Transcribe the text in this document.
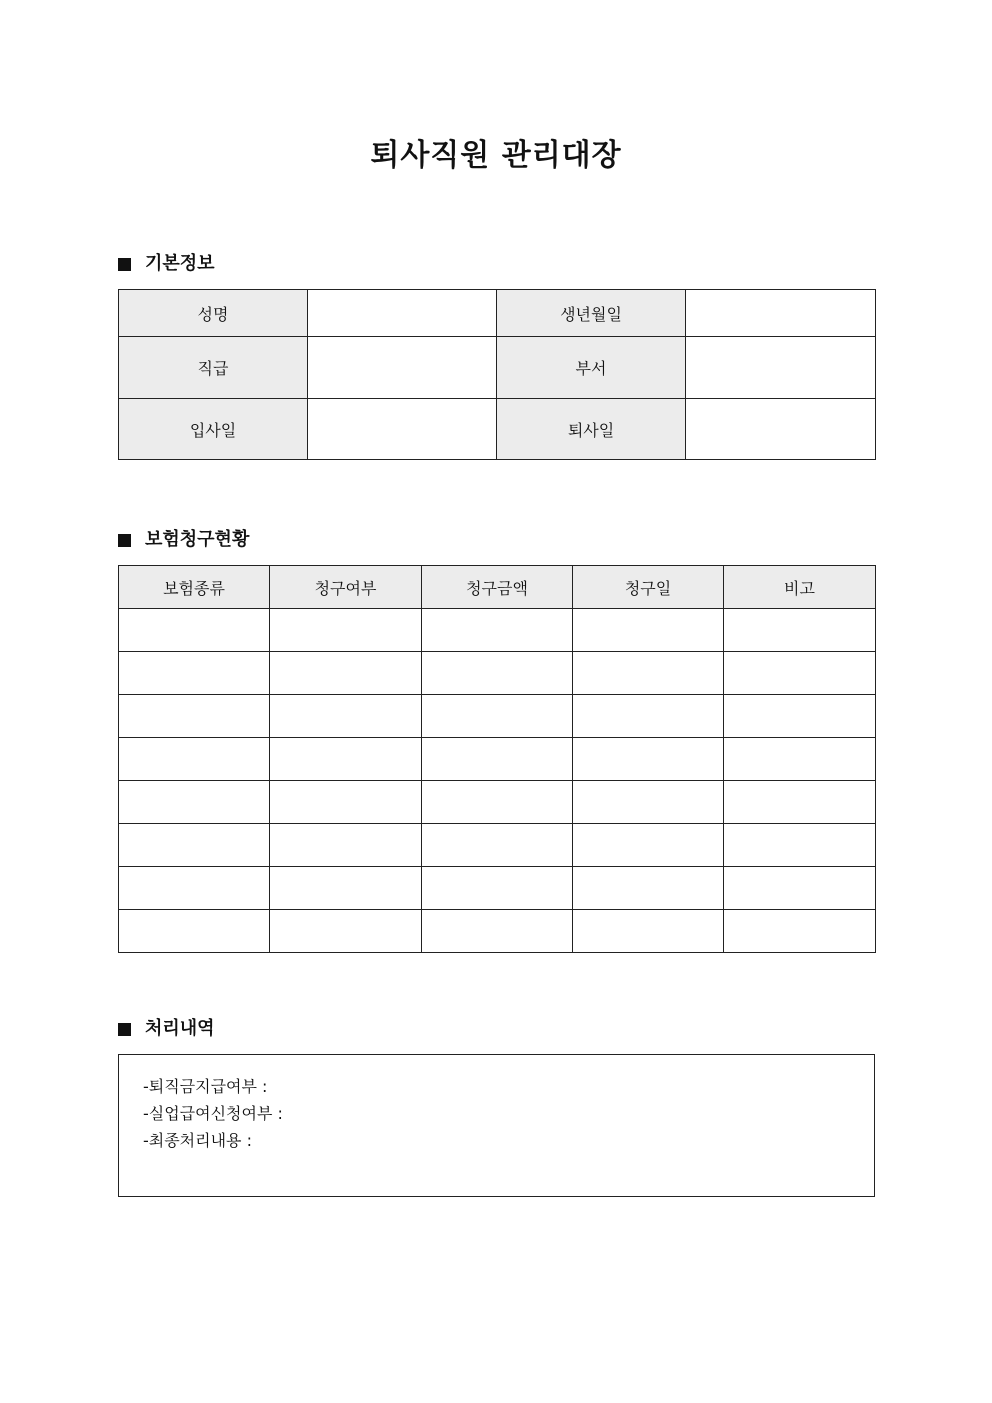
퇴사직원 관리대장
기본정보
성명		생년월일	
직급		부서	
입사일		퇴사일	
보험청구현황
보험종류	청구여부	청구금액	청구일	비고

처리내역
-퇴직금지급여부 :
-실업급여신청여부 :
-최종처리내용 :
